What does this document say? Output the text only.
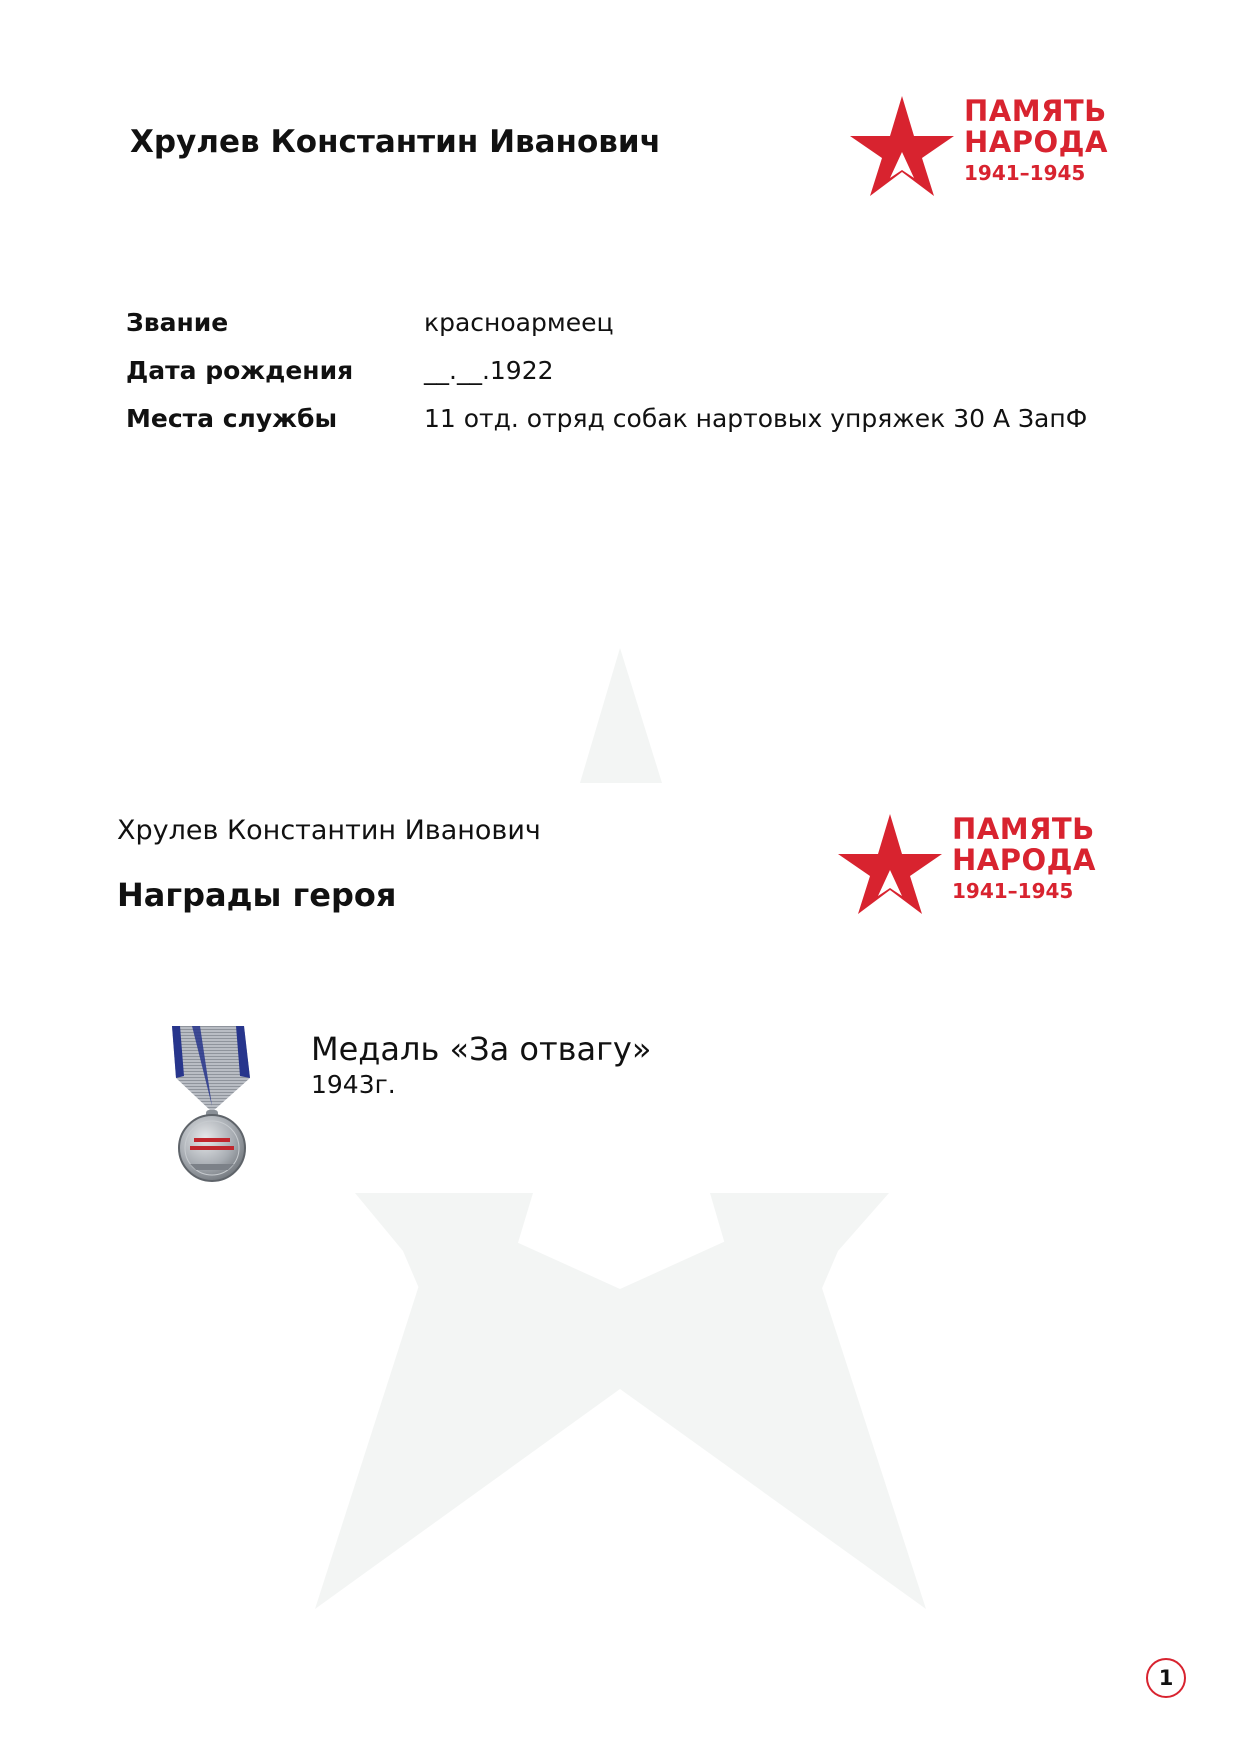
Хрулев Константин Иванович
ПАМЯТЬ
НАРОДА
1941–1945
Звание	красноармеец
Дата рождения	__.__.1922
Места службы	11 отд. отряд собак нартовых упряжек 30 А ЗапФ
Хрулев Константин Иванович
Награды героя
ПАМЯТЬ
НАРОДА
1941–1945
Медаль «За отвагу»
1943г.
1
